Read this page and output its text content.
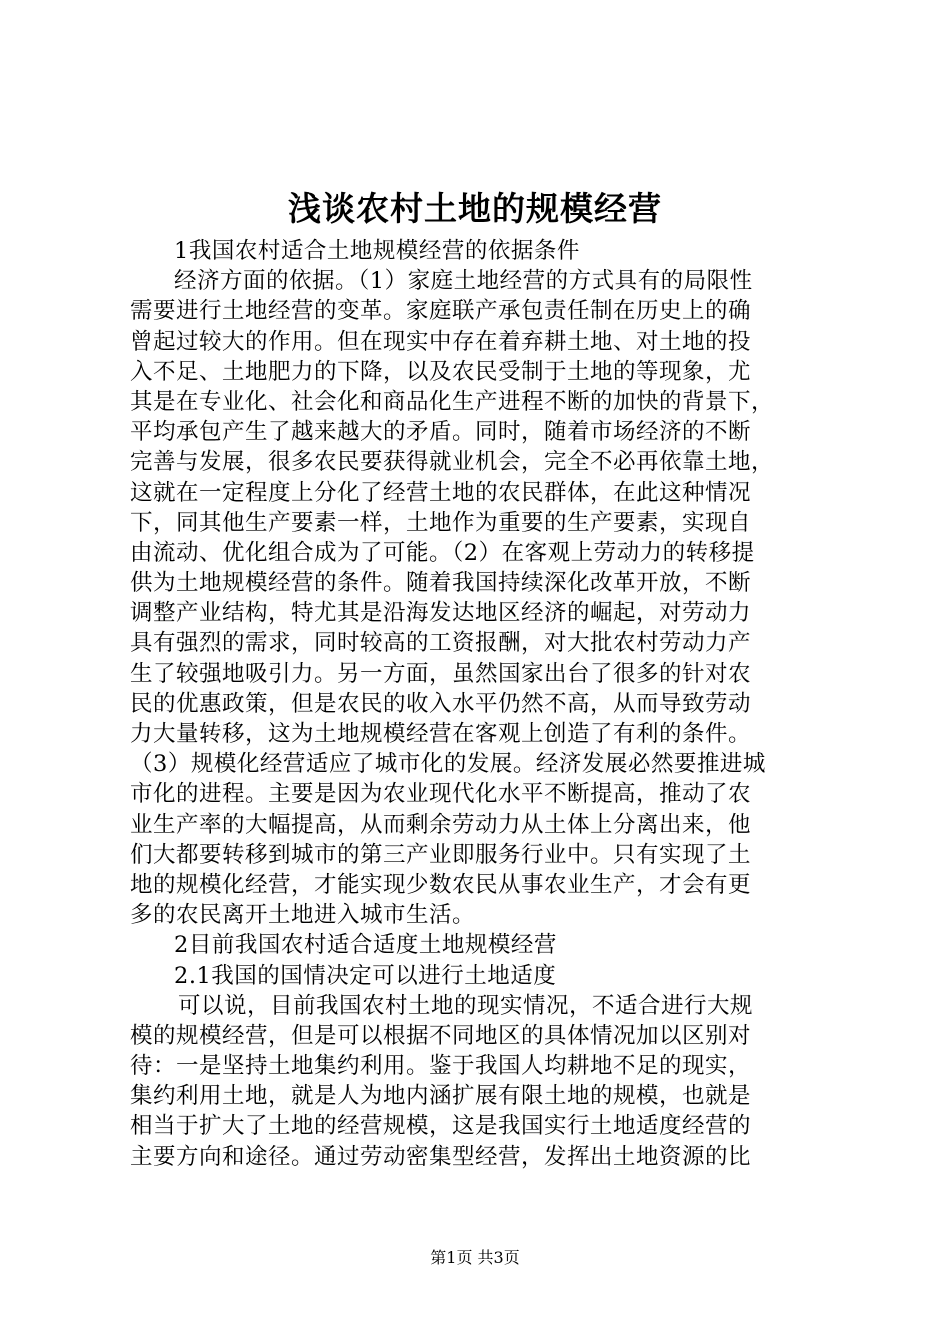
浅谈农村土地的规模经营
1我国农村适合土地规模经营的依据条件
经济方面的依据。（1）家庭土地经营的方式具有的局限性
需要进行土地经营的变革。家庭联产承包责任制在历史上的确
曾起过较大的作用。但在现实中存在着弃耕土地、对土地的投
入不足、土地肥力的下降，以及农民受制于土地的等现象，尤
其是在专业化、社会化和商品化生产进程不断的加快的背景下，
平均承包产生了越来越大的矛盾。同时，随着市场经济的不断
完善与发展，很多农民要获得就业机会，完全不必再依靠土地，
这就在一定程度上分化了经营土地的农民群体，在此这种情况
下，同其他生产要素一样，土地作为重要的生产要素，实现自
由流动、优化组合成为了可能。（2）在客观上劳动力的转移提
供为土地规模经营的条件。随着我国持续深化改革开放，不断
调整产业结构，特尤其是沿海发达地区经济的崛起，对劳动力
具有强烈的需求，同时较高的工资报酬，对大批农村劳动力产
生了较强地吸引力。另一方面，虽然国家出台了很多的针对农
民的优惠政策，但是农民的收入水平仍然不高，从而导致劳动
力大量转移，这为土地规模经营在客观上创造了有利的条件。
（3）规模化经营适应了城市化的发展。经济发展必然要推进城
市化的进程。主要是因为农业现代化水平不断提高，推动了农
业生产率的大幅提高，从而剩余劳动力从土体上分离出来，他
们大都要转移到城市的第三产业即服务行业中。只有实现了土
地的规模化经营，才能实现少数农民从事农业生产，才会有更
多的农民离开土地进入城市生活。
2目前我国农村适合适度土地规模经营
2.1我国的国情决定可以进行土地适度
可以说，目前我国农村土地的现实情况，不适合进行大规
模的规模经营，但是可以根据不同地区的具体情况加以区别对
待：一是坚持土地集约利用。鉴于我国人均耕地不足的现实，
集约利用土地，就是人为地内涵扩展有限土地的规模，也就是
相当于扩大了土地的经营规模，这是我国实行土地适度经营的
主要方向和途径。通过劳动密集型经营，发挥出土地资源的比
第1页 共3页
